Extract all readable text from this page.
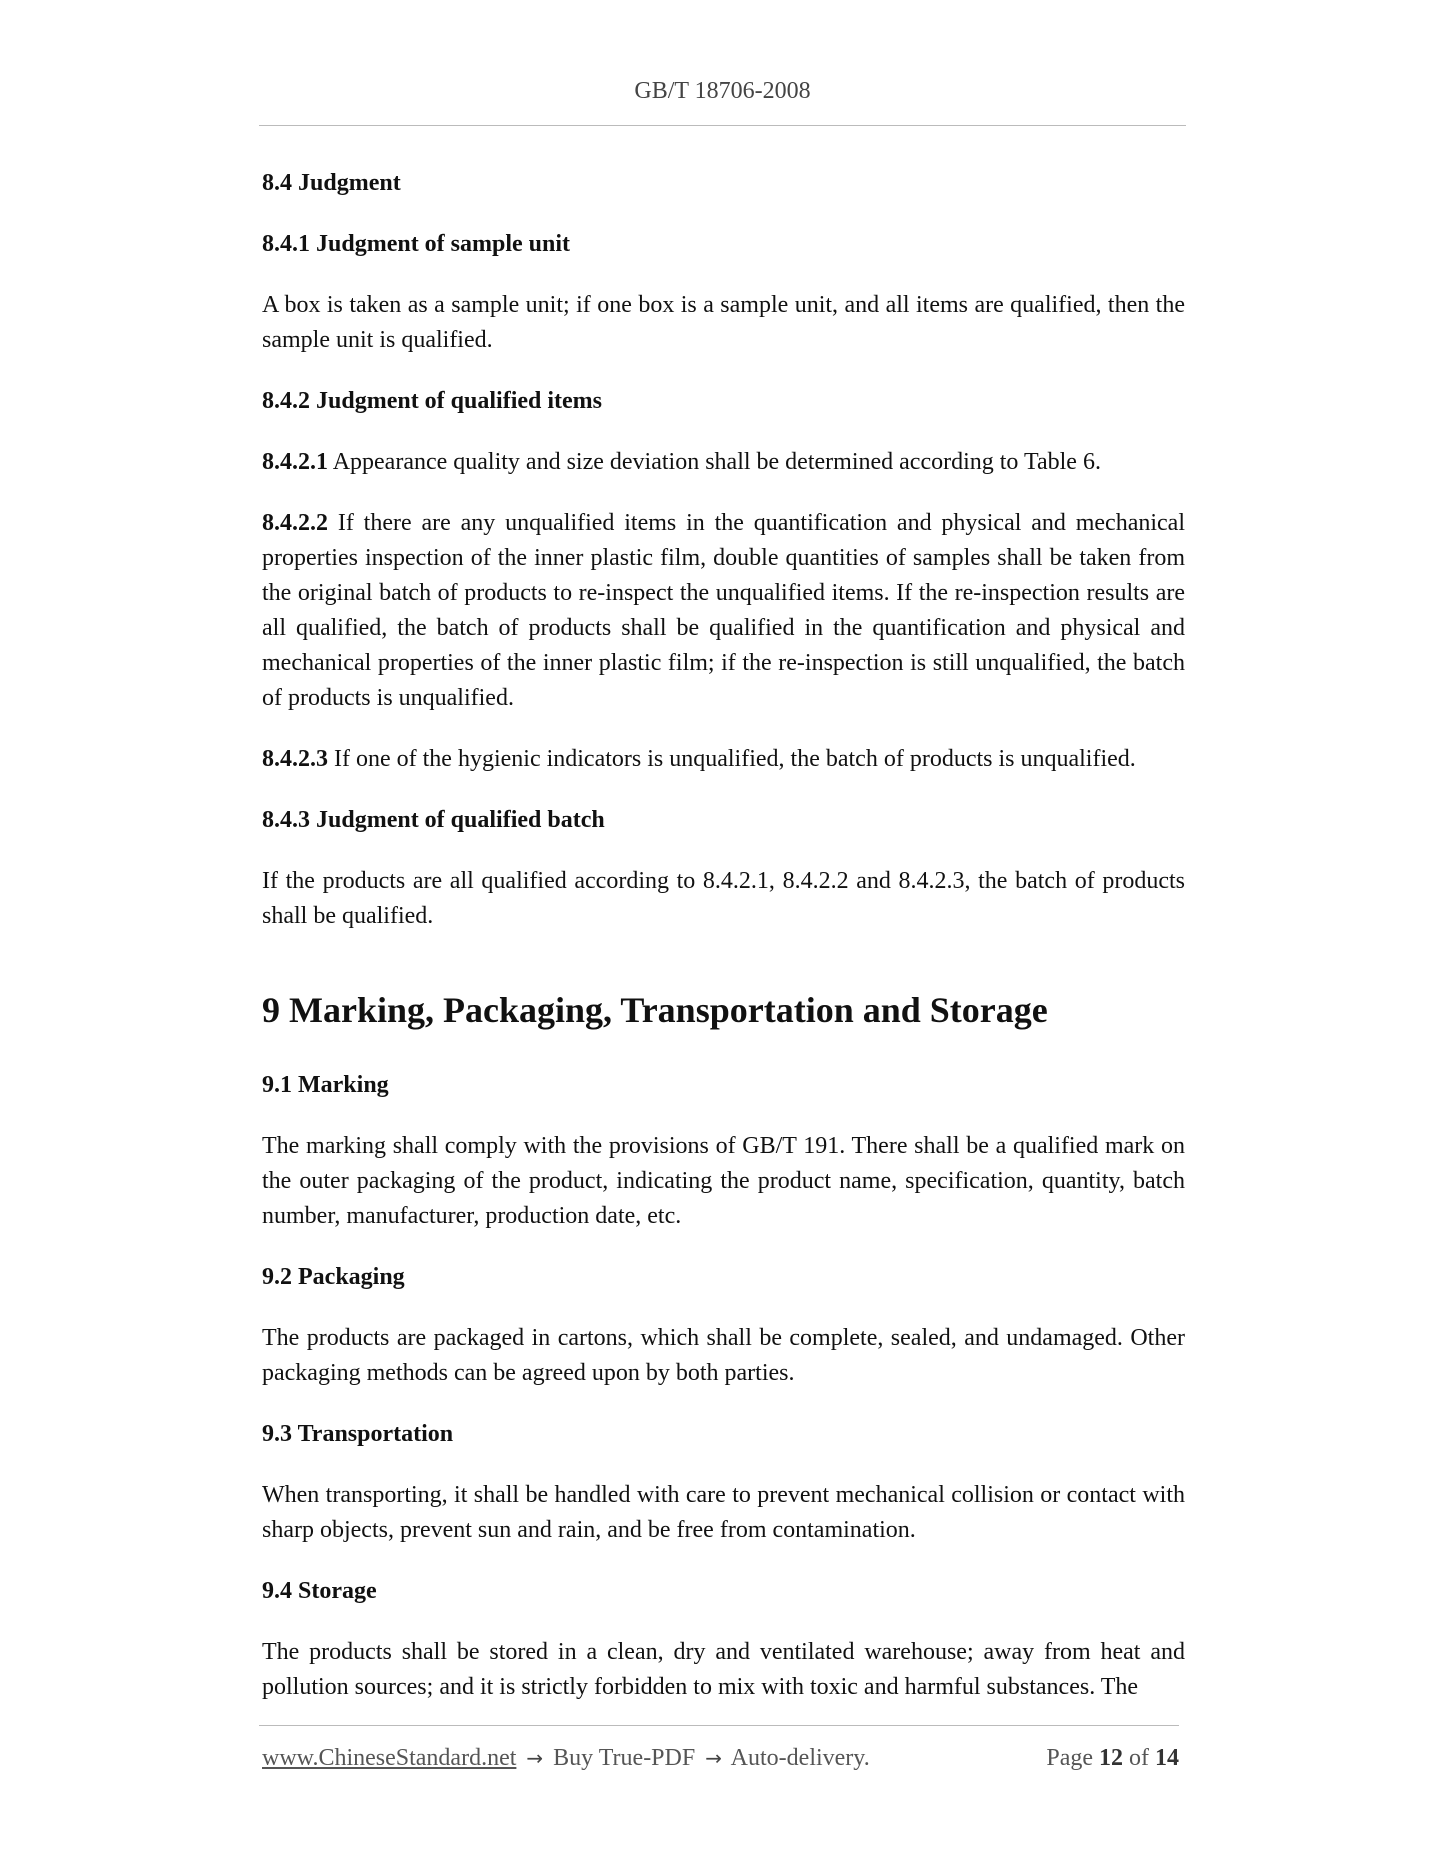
GB/T 18706-2008
8.4 Judgment
8.4.1 Judgment of sample unit
A box is taken as a sample unit; if one box is a sample unit, and all items are qualified, then the sample unit is qualified.
8.4.2 Judgment of qualified items
8.4.2.1 Appearance quality and size deviation shall be determined according to Table 6.
8.4.2.2 If there are any unqualified items in the quantification and physical and mechanical properties inspection of the inner plastic film, double quantities of samples shall be taken from the original batch of products to re-inspect the unqualified items. If the re-inspection results are all qualified, the batch of products shall be qualified in the quantification and physical and mechanical properties of the inner plastic film; if the re-inspection is still unqualified, the batch of products is unqualified.
8.4.2.3 If one of the hygienic indicators is unqualified, the batch of products is unqualified.
8.4.3 Judgment of qualified batch
If the products are all qualified according to 8.4.2.1, 8.4.2.2 and 8.4.2.3, the batch of products shall be qualified.
9 Marking, Packaging, Transportation and Storage
9.1 Marking
The marking shall comply with the provisions of GB/T 191. There shall be a qualified mark on the outer packaging of the product, indicating the product name, specification, quantity, batch number, manufacturer, production date, etc.
9.2 Packaging
The products are packaged in cartons, which shall be complete, sealed, and undamaged. Other packaging methods can be agreed upon by both parties.
9.3 Transportation
When transporting, it shall be handled with care to prevent mechanical collision or contact with sharp objects, prevent sun and rain, and be free from contamination.
9.4 Storage
The products shall be stored in a clean, dry and ventilated warehouse; away from heat and pollution sources; and it is strictly forbidden to mix with toxic and harmful substances. The
www.ChineseStandard.net → Buy True-PDF → Auto-delivery.	Page 12 of 14
